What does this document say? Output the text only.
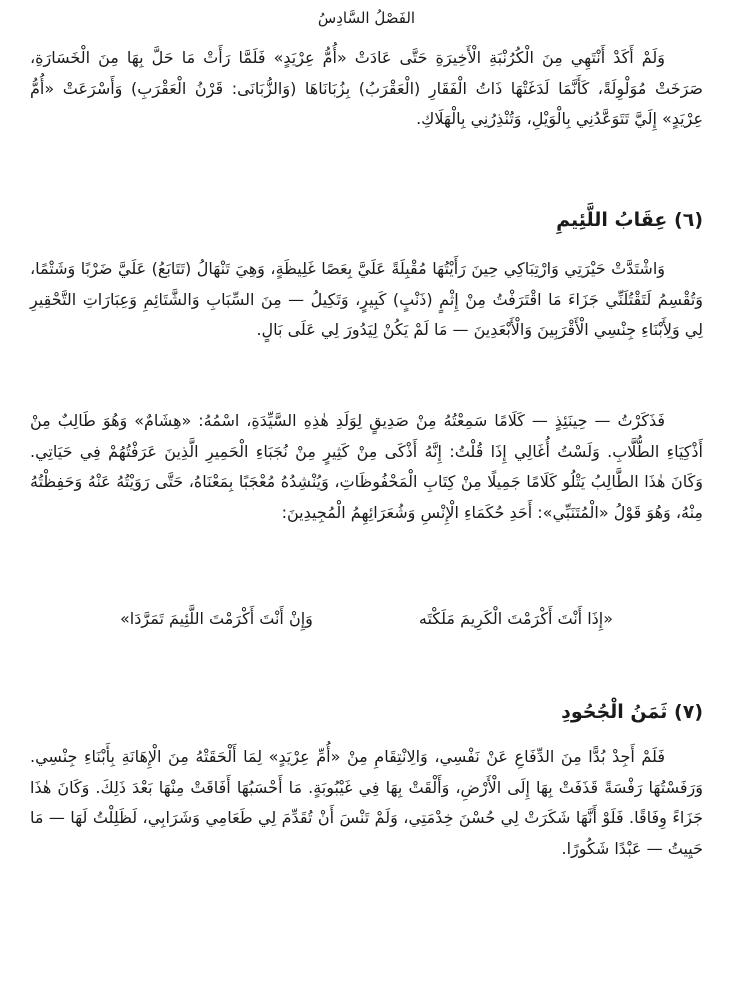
الفَصْلُ السَّادِسُ

وَلَمْ أَكَدْ أَنْتَهِي مِنَ الْكُرُنْبَةِ الْأَخِيرَةِ حَتَّى عَادَتْ «أُمُّ عِرْيَدٍ» فَلَمَّا رَأَتْ مَا حَلَّ بِهَا مِنَ الْخَسَارَةِ، صَرَخَتْ مُوَلْوِلَةً، كَأَنَّمَا لَدَغَتْهَا ذَاتُ الْفَقَارِ (الْعَقْرَبُ) بِزُبَانَاهَا (وَالزُّبَانَى: قَرْنُ الْعَقْرَبِ) وَأَسْرَعَتْ «أُمُّ عِرْيَدٍ» إِلَيَّ تَتَوَعَّدُنِي بِالْوَيْلِ، وَتُنْذِرُنِي بِالْهَلَاكِ.

(٦) عِقَابُ اللَّئِيمِ

وَاشْتَدَّتْ حَيْرَتِي وَارْتِبَاكِي حِينَ رَأَيْتُهَا مُقْبِلَةً عَلَيَّ بِعَصًا غَلِيظَةٍ، وَهِيَ تَنْهَالُ (تَتَابَعُ) عَلَيَّ ضَرْبًا وَشَتْمًا، وَتُقْسِمُ لَتَقْتُلَنِّي جَزَاءَ مَا اقْتَرَفْتُ مِنْ إِثْمٍ (ذَنْبٍ) كَبِيرٍ، وَتَكِيلُ — مِنَ السِّبَابِ وَالشَّتَائِمِ وَعِبَارَاتِ التَّحْقِيرِ لِي وَلِأَبْنَاءِ جِنْسِي الْأَقْرَبِينَ وَالْأَبْعَدِينَ — مَا لَمْ يَكُنْ لِيَدُورَ لِي عَلَى بَالٍ.

فَذَكَرْتُ — حِينَئِذٍ — كَلَامًا سَمِعْتُهُ مِنْ صَدِيقٍ لِوَلَدِ هٰذِهِ السَّيِّدَةِ، اسْمُهُ: «هِشَامٌ» وَهُوَ طَالِبٌ مِنْ أَذْكِيَاءِ الطُّلَّابِ. وَلَسْتُ أُغَالِي إِذَا قُلْتُ: إِنَّهُ أَذْكَى مِنْ كَثِيرٍ مِنْ نُجَبَاءِ الْحَمِيرِ الَّذِينَ عَرَفْتُهُمْ فِي حَيَاتِي. وَكَانَ هٰذَا الطَّالِبُ يَتْلُو كَلَامًا جَمِيلًا مِنْ كِتَابِ الْمَحْفُوظَاتِ، وَيُنْشِدُهُ مُعْجَبًا بِمَعْنَاهُ، حَتَّى رَوَيْتُهُ عَنْهُ وَحَفِظْتُهُ مِنْهُ، وَهُوَ قَوْلُ «الْمُتَنَبِّي»: أَحَدِ حُكَمَاءِ الْإِنْسِ وَشُعَرَائِهِمُ الْمُجِيدِينَ:

«إِذَا أَنْتَ أَكْرَمْتَ الْكَرِيمَ مَلَكْتَه
وَإِنْ أَنْتَ أَكْرَمْتَ اللَّئِيمَ تَمَرَّدَا»
(٧) ثَمَنُ الْجُحُودِ

فَلَمْ أَجِدْ بُدًّا مِنَ الدِّفَاعِ عَنْ نَفْسِي، وَالِانْتِقَامِ مِنْ «أُمِّ عِرْيَدٍ» لِمَا أَلْحَقَتْهُ مِنَ الْإِهَانَةِ بِأَبْنَاءِ جِنْسِي. وَرَفَسْتُهَا رَفْسَةً قَذَفَتْ بِهَا إِلَى الْأَرْضِ، وَأَلْقَتْ بِهَا فِي غَيْبُوبَةٍ. مَا أَحْسَبُهَا أَفَاقَتْ مِنْهَا بَعْدَ ذَلِكَ. وَكَانَ هٰذَا جَزَاءً وِفَاقًا. فَلَوْ أَنَّهَا شَكَرَتْ لِي حُسْنَ خِدْمَتِي، وَلَمْ تَنْسَ أَنْ تُقَدِّمَ لِي طَعَامِي وَشَرَابِي، لَظَلِلْتُ لَهَا — مَا حَيِيتُ — عَبْدًا شَكُورًا.
